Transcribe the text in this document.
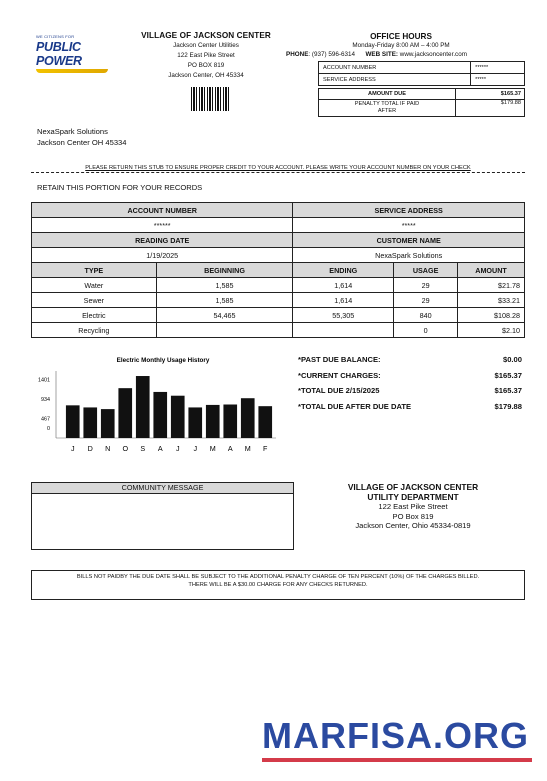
WE CITIZENS FOR
PUBLIC POWER
VILLAGE OF JACKSON CENTER
Jackson Center Utilities
122 East Pike Street
PO BOX 819
Jackson Center, OH 45334
OFFICE HOURS
Monday-Friday 8:00 AM – 4:00 PM
PHONE: (937) 596-6314 WEB SITE: www.jacksoncenter.com
ACCOUNT NUMBER	******
SERVICE ADDRESS	*****
AMOUNT DUE	$165.37
PENALTY TOTAL IF PAID AFTER	$179.88
NexaSpark Solutions
Jackson Center OH 45334
PLEASE RETURN THIS STUB TO ENSURE PROPER CREDIT TO YOUR ACCOUNT. PLEASE WRITE YOUR ACCOUNT NUMBER ON YOUR CHECK
RETAIN THIS PORTION FOR YOUR RECORDS
ACCOUNT NUMBER		SERVICE ADDRESS		
******		*****		
READING DATE		CUSTOMER NAME		
1/19/2025		NexaSpark Solutions		
TYPE	BEGINNING	ENDING	USAGE	AMOUNT
Water	1,585	1,614	29	$21.78
Sewer	1,585	1,614	29	$33.21
Electric	54,465	55,305	840	$108.28
Recycling			0	$2.10
Electric Monthly Usage History
0
467
934
1401
J D N O S A J J M A M F
*PAST DUE BALANCE:	$0.00
*CURRENT CHARGES:	$165.37
*TOTAL DUE 2/15/2025	$165.37
*TOTAL DUE AFTER DUE DATE	$179.88
COMMUNITY MESSAGE	VILLAGE OF JACKSON CENTER
UTILITY DEPARTMENT
122 East Pike Street
PO Box 819
Jackson Center, Ohio 45334-0819
BILLS NOT PAIDBY THE DUE DATE SHALL BE SUBJECT TO THE ADDITIONAL PENALTY CHARGE OF TEN PERCENT (10%) OF THE CHARGES BILLED.
THERE WILL BE A $30.00 CHARGE FOR ANY CHECKS RETURNED.
MARFISA.ORG
